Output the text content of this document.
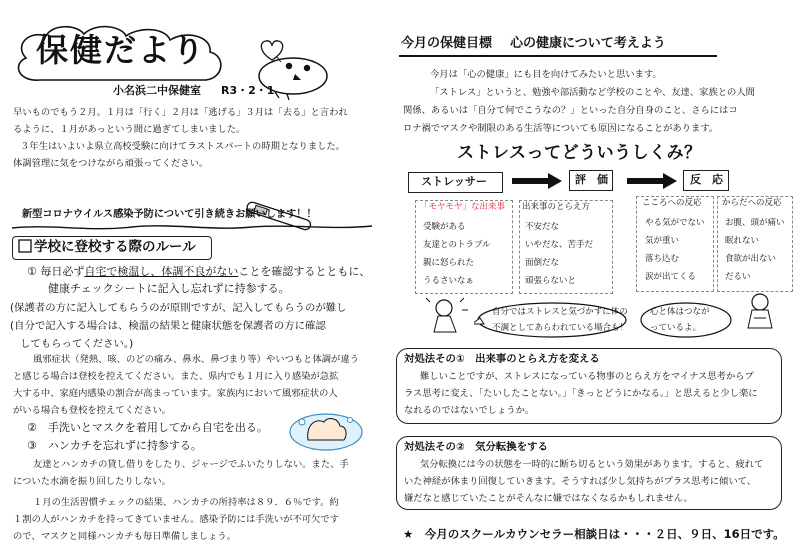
保健だより
小名浜二中保健室 R3・2・1
早いものでもう２月。１月は「行く」２月は「逃げる」３月は「去る」と言われ
るように、１月があっという間に過ぎてしまいました。
３年生はいよいよ県立高校受験に向けてラストスパートの時期となりました。
体調管理に気をつけながら頑張ってください。
新型コロナウイルス感染予防について引き続きお願いします！！
学校に登校する際のルール
① 毎日必ず自宅で検温し、体調不良がないことを確認するとともに、
健康チェックシートに記入し忘れずに持参する。
(保護者の方に記入してもらうのが原則ですが、記入してもらうのが難し
(自分で記入する場合は、検温の結果と健康状態を保護者の方に確認
してもらってください。)
風邪症状（発熱、咳、のどの痛み、鼻水、鼻づまり等）やいつもと体調が違う
と感じる場合は登校を控えてください。また、県内でも１月に入り感染が急拡
大する中、家庭内感染の割合が高まっています。家族内において風邪症状の人
がいる場合も登校を控えてください。
②　手洗いとマスクを着用してから自宅を出る。
③　ハンカチを忘れずに持参する。
友達とハンカチの貸し借りをしたり、ジャージでふいたりしない。また、手
についた水滴を振り回したりしない。
１月の生活習慣チェックの結果、ハンカチの所持率は８９．６％です。約
１割の人がハンカチを持ってきていません。感染予防には手洗いが不可欠です
ので、マスクと同様ハンカチも毎日準備しましょう。
今月の保健目標 心の健康について考えよう
今月は「心の健康」にも目を向けてみたいと思います。
「ストレス」というと、勉強や部活動など学校のことや、友達、家族との人間
関係、あるいは「自分て何でこうなの？」といった自分自身のこと、さらにはコ
ロナ禍でマスクや制限のある生活等についても原因になることがあります。
ストレスってどういうしくみ？
ストレッサー	評　価	反　応
「モヤモヤ」な出来事
受験がある
友達とのトラブル
親に怒られた
うるさいなぁ
出来事のとらえ方
不安だな
いやだな、苦手だ
面倒だな
頑張らないと
こころへの反応
やる気がでない
気が重い
落ち込む
涙が出てくる
からだへの反応
お腹、頭が痛い
眠れない
食欲が出ない
だるい
自分ではストレスと気づかずに体の
不調としてあらわれている場合も！
心と体はつなが
っているよ。
対処法その①　出来事のとらえ方を変える
難しいことですが、ストレスになっている物事のとらえ方をマイナス思考からプ
ラス思考に変え、「たいしたことない。」「きっとどうにかなる。」と思えると少し楽に
なれるのではないでしょうか。
対処法その②　気分転換をする
気分転換には今の状態を一時的に断ち切るという効果があります。すると、疲れて
いた神経が休まり回復していきます。そうすれば少し気持ちがプラス思考に傾いて、
嫌だなと感じていたことがそんなに嫌ではなくなるかもしれません。
★　今月のスクールカウンセラー相談日は・・・２日、９日、16日です。
